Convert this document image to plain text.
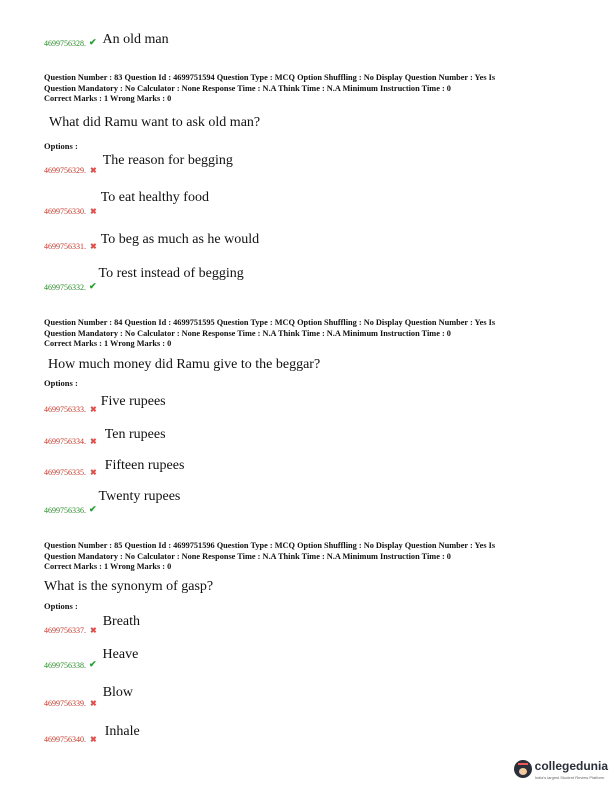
4699756328. ✔ An old man
Question Number : 83 Question Id : 4699751594 Question Type : MCQ Option Shuffling : No Display Question Number : Yes Is
Question Mandatory : No Calculator : None Response Time : N.A Think Time : N.A Minimum Instruction Time : 0
Correct Marks : 1 Wrong Marks : 0
What did Ramu want to ask old man?
Options :
4699756329. ✖
The reason for begging
4699756330. ✖
To eat healthy food
4699756331. ✖ To beg as much as he would
4699756332. ✔
To rest instead of begging
Question Number : 84 Question Id : 4699751595 Question Type : MCQ Option Shuffling : No Display Question Number : Yes Is
Question Mandatory : No Calculator : None Response Time : N.A Think Time : N.A Minimum Instruction Time : 0
Correct Marks : 1 Wrong Marks : 0
How much money did Ramu give to the beggar?
Options :
4699756333. ✖
Five rupees
4699756334. ✖ Ten rupees
4699756335. ✖ Fifteen rupees
4699756336. ✔
Twenty rupees
Question Number : 85 Question Id : 4699751596 Question Type : MCQ Option Shuffling : No Display Question Number : Yes Is
Question Mandatory : No Calculator : None Response Time : N.A Think Time : N.A Minimum Instruction Time : 0
Correct Marks : 1 Wrong Marks : 0
What is the synonym of gasp?
Options :
4699756337. ✖
Breath
4699756338. ✔
Heave
4699756339. ✖
Blow
4699756340. ✖
Inhale
collegedunia
India's largest Student Review Platform
